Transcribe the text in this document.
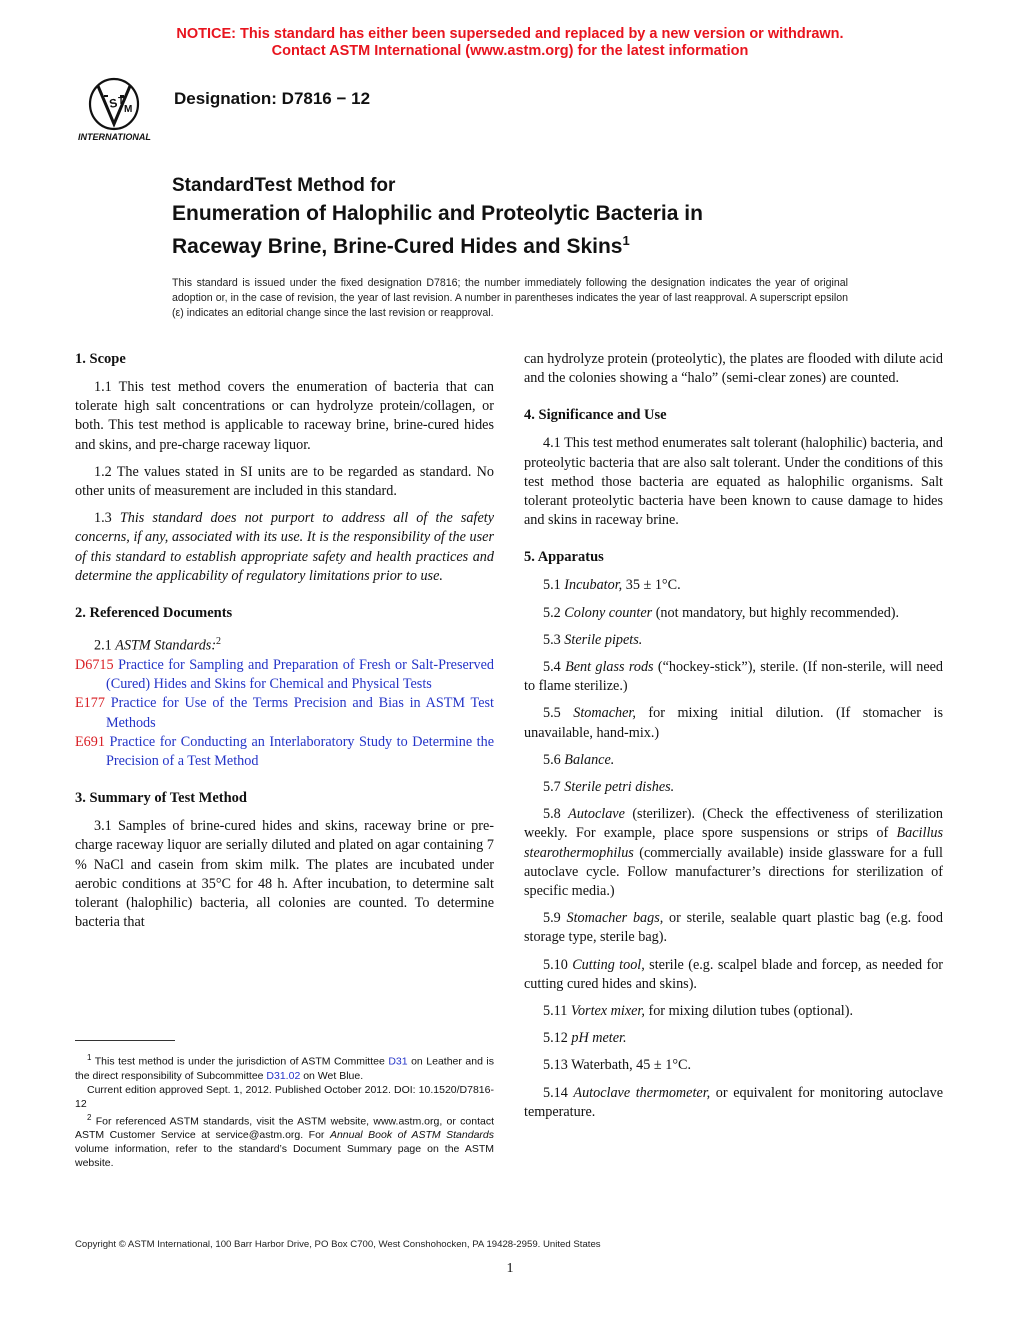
NOTICE: This standard has either been superseded and replaced by a new version or withdrawn.
Contact ASTM International (www.astm.org) for the latest information
S T
M
INTERNATIONAL
Designation: D7816 − 12
StandardTest Method for
Enumeration of Halophilic and Proteolytic Bacteria in
Raceway Brine, Brine-Cured Hides and Skins$^1$
This standard is issued under the fixed designation D7816; the number immediately following the designation indicates the year of original adoption or, in the case of revision, the year of last revision. A number in parentheses indicates the year of last reapproval. A superscript epsilon (ε) indicates an editorial change since the last revision or reapproval.
1. Scope

1.1 This test method covers the enumeration of bacteria that can tolerate high salt concentrations or can hydrolyze protein/collagen, or both. This test method is applicable to raceway brine, brine-cured hides and skins, and pre-charge raceway liquor.

1.2 The values stated in SI units are to be regarded as standard. No other units of measurement are included in this standard.

1.3 This standard does not purport to address all of the safety concerns, if any, associated with its use. It is the responsibility of the user of this standard to establish appropriate safety and health practices and determine the applicability of regulatory limitations prior to use.

2. Referenced Documents

2.1 ASTM Standards:$^2$

D6715 Practice for Sampling and Preparation of Fresh or Salt-Preserved (Cured) Hides and Skins for Chemical and Physical Tests

E177 Practice for Use of the Terms Precision and Bias in ASTM Test Methods

E691 Practice for Conducting an Interlaboratory Study to Determine the Precision of a Test Method

3. Summary of Test Method

3.1 Samples of brine-cured hides and skins, raceway brine or pre-charge raceway liquor are serially diluted and plated on agar containing 7 % NaCl and casein from skim milk. The plates are incubated under aerobic conditions at 35°C for 48 h. After incubation, to determine salt tolerant (halophilic) bacteria, all colonies are counted. To determine bacteria that

can hydrolyze protein (proteolytic), the plates are flooded with dilute acid and the colonies showing a “halo” (semi-clear zones) are counted.

4. Significance and Use

4.1 This test method enumerates salt tolerant (halophilic) bacteria, and proteolytic bacteria that are also salt tolerant. Under the conditions of this test method those bacteria are equated as halophilic organisms. Salt tolerant proteolytic bacteria have been known to cause damage to hides and skins in raceway brine.

5. Apparatus

5.1 Incubator, 35 ± 1°C.

5.2 Colony counter (not mandatory, but highly recommended).

5.3 Sterile pipets.

5.4 Bent glass rods (“hockey-stick”), sterile. (If non-sterile, will need to flame sterilize.)

5.5 Stomacher, for mixing initial dilution. (If stomacher is unavailable, hand-mix.)

5.6 Balance.

5.7 Sterile petri dishes.

5.8 Autoclave (sterilizer). (Check the effectiveness of sterilization weekly. For example, place spore suspensions or strips of Bacillus stearothermophilus (commercially available) inside glassware for a full autoclave cycle. Follow manufacturer’s directions for sterilization of specific media.)

5.9 Stomacher bags, or sterile, sealable quart plastic bag (e.g. food storage type, sterile bag).

5.10 Cutting tool, sterile (e.g. scalpel blade and forcep, as needed for cutting cured hides and skins).

5.11 Vortex mixer, for mixing dilution tubes (optional).

5.12 pH meter.

5.13 Waterbath, 45 ± 1°C.

5.14 Autoclave thermometer, or equivalent for monitoring autoclave temperature.

$^1$ This test method is under the jurisdiction of ASTM Committee D31 on Leather and is the direct responsibility of Subcommittee D31.02 on Wet Blue.

Current edition approved Sept. 1, 2012. Published October 2012. DOI: 10.1520/D7816-12

$^2$ For referenced ASTM standards, visit the ASTM website, www.astm.org, or contact ASTM Customer Service at service@astm.org. For Annual Book of ASTM Standards volume information, refer to the standard’s Document Summary page on the ASTM website.

Copyright © ASTM International, 100 Barr Harbor Drive, PO Box C700, West Conshohocken, PA 19428-2959. United States
1
